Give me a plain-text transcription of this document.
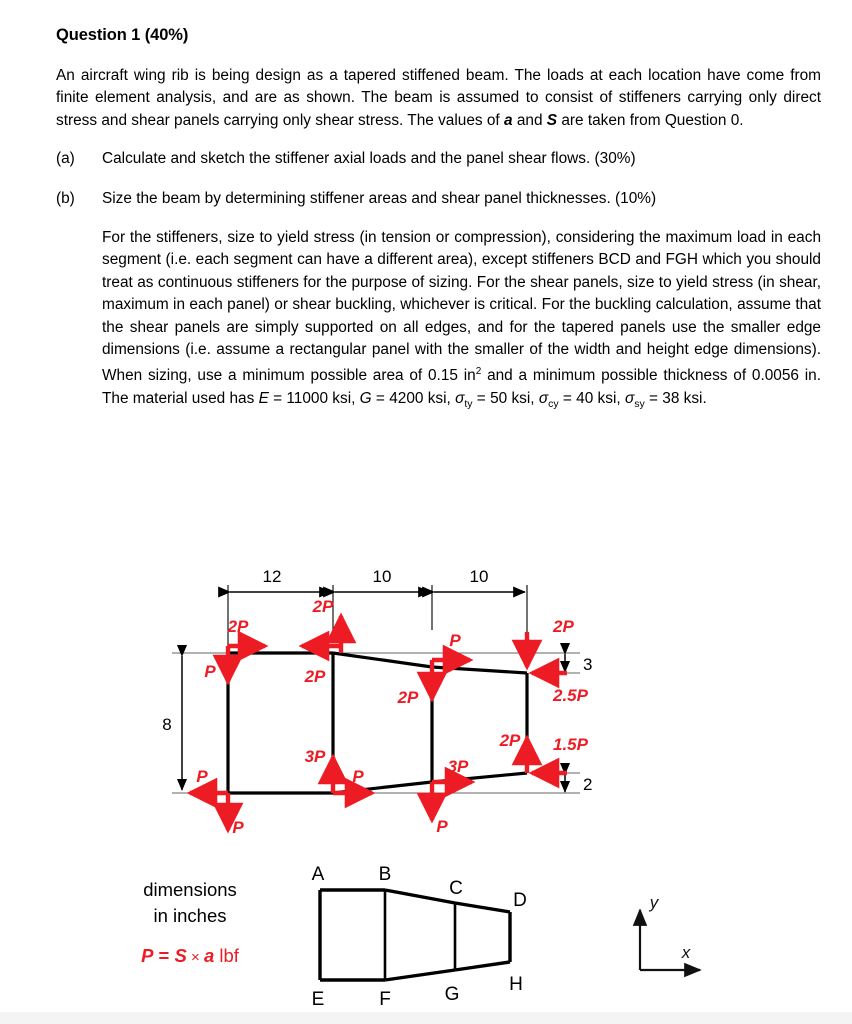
Question 1 (40%)

An aircraft wing rib is being design as a tapered stiffened beam. The loads at each location have come from finite element analysis, and are as shown. The beam is assumed to consist of stiffeners carrying only direct stress and shear panels carrying only shear stress. The values of a and S are taken from Question 0.

(a)	Calculate and sketch the stiffener axial loads and the panel shear flows. (30%)
(b)	Size the beam by determining stiffener areas and shear panel thicknesses. (10%)

For the stiffeners, size to yield stress (in tension or compression), considering the maximum load in each segment (i.e. each segment can have a different area), except stiffeners BCD and FGH which you should treat as continuous stiffeners for the purpose of sizing. For the shear panels, size to yield stress (in shear, maximum in each panel) or shear buckling, whichever is critical. For the buckling calculation, assume that the shear panels are simply supported on all edges, and for the tapered panels use the smaller edge dimensions (i.e. assume a rectangular panel with the smaller of the width and height edge dimensions). When sizing, use a minimum possible area of 0.15 $in^2$ and a minimum possible thickness of 0.0056 in. The material used has E = 11000 ksi, G = 4200 ksi, $\sigma_{ty} = 50$ ksi, $\sigma_{cy} = 40$ ksi, $\sigma_{sy} = 38$ ksi.

12	10	10
8
3
2
2P
P
2P
2P
P
2P
2P
2.5P
P
P
3P
P
3P
P
2P 1.5P
dimensions
in inches
P = S × a lbf
A	B
C
D
E	F	G	H
y
x
